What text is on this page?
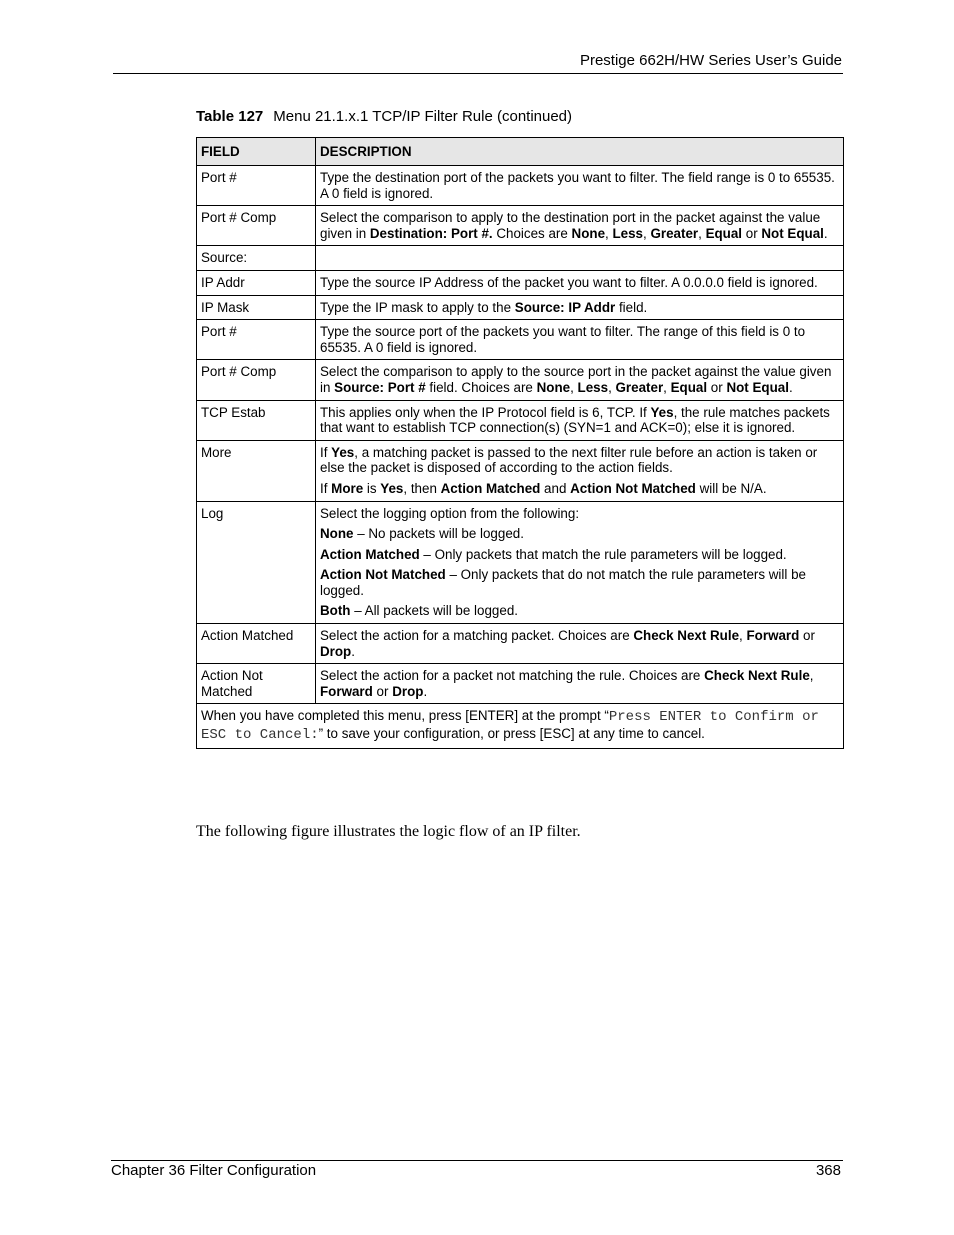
Prestige 662H/HW Series User’s Guide
Table 127 Menu 21.1.x.1 TCP/IP Filter Rule (continued)
FIELD	DESCRIPTION
Port #	Type the destination port of the packets you want to filter. The field range is 0 to 65535. A 0 field is ignored.

Port # Comp	Select the comparison to apply to the destination port in the packet against the value given in Destination: Port #. Choices are None, Less, Greater, Equal or Not Equal.

Source:	
IP Addr	Type the source IP Address of the packet you want to filter. A 0.0.0.0 field is ignored.

IP Mask	Type the IP mask to apply to the Source: IP Addr field.

Port #	Type the source port of the packets you want to filter. The range of this field is 0 to 65535. A 0 field is ignored.

Port # Comp	Select the comparison to apply to the source port in the packet against the value given in Source: Port # field. Choices are None, Less, Greater, Equal or Not Equal.

TCP Estab	This applies only when the IP Protocol field is 6, TCP. If Yes, the rule matches packets that want to establish TCP connection(s) (SYN=1 and ACK=0); else it is ignored.

More	If Yes, a matching packet is passed to the next filter rule before an action is taken or else the packet is disposed of according to the action fields.

If More is Yes, then Action Matched and Action Not Matched will be N/A.

Log	Select the logging option from the following:

None – No packets will be logged.

Action Matched – Only packets that match the rule parameters will be logged.

Action Not Matched – Only packets that do not match the rule parameters will be logged.

Both – All packets will be logged.

Action Matched	Select the action for a matching packet. Choices are Check Next Rule, Forward or Drop.

Action Not Matched	Select the action for a packet not matching the rule. Choices are Check Next Rule, Forward or Drop.

When you have completed this menu, press [ENTER] at the prompt “Press ENTER to Confirm or ESC to Cancel:” to save your configuration, or press [ESC] at any time to cancel.	
The following figure illustrates the logic flow of an IP filter.
Chapter 36 Filter Configuration	368
